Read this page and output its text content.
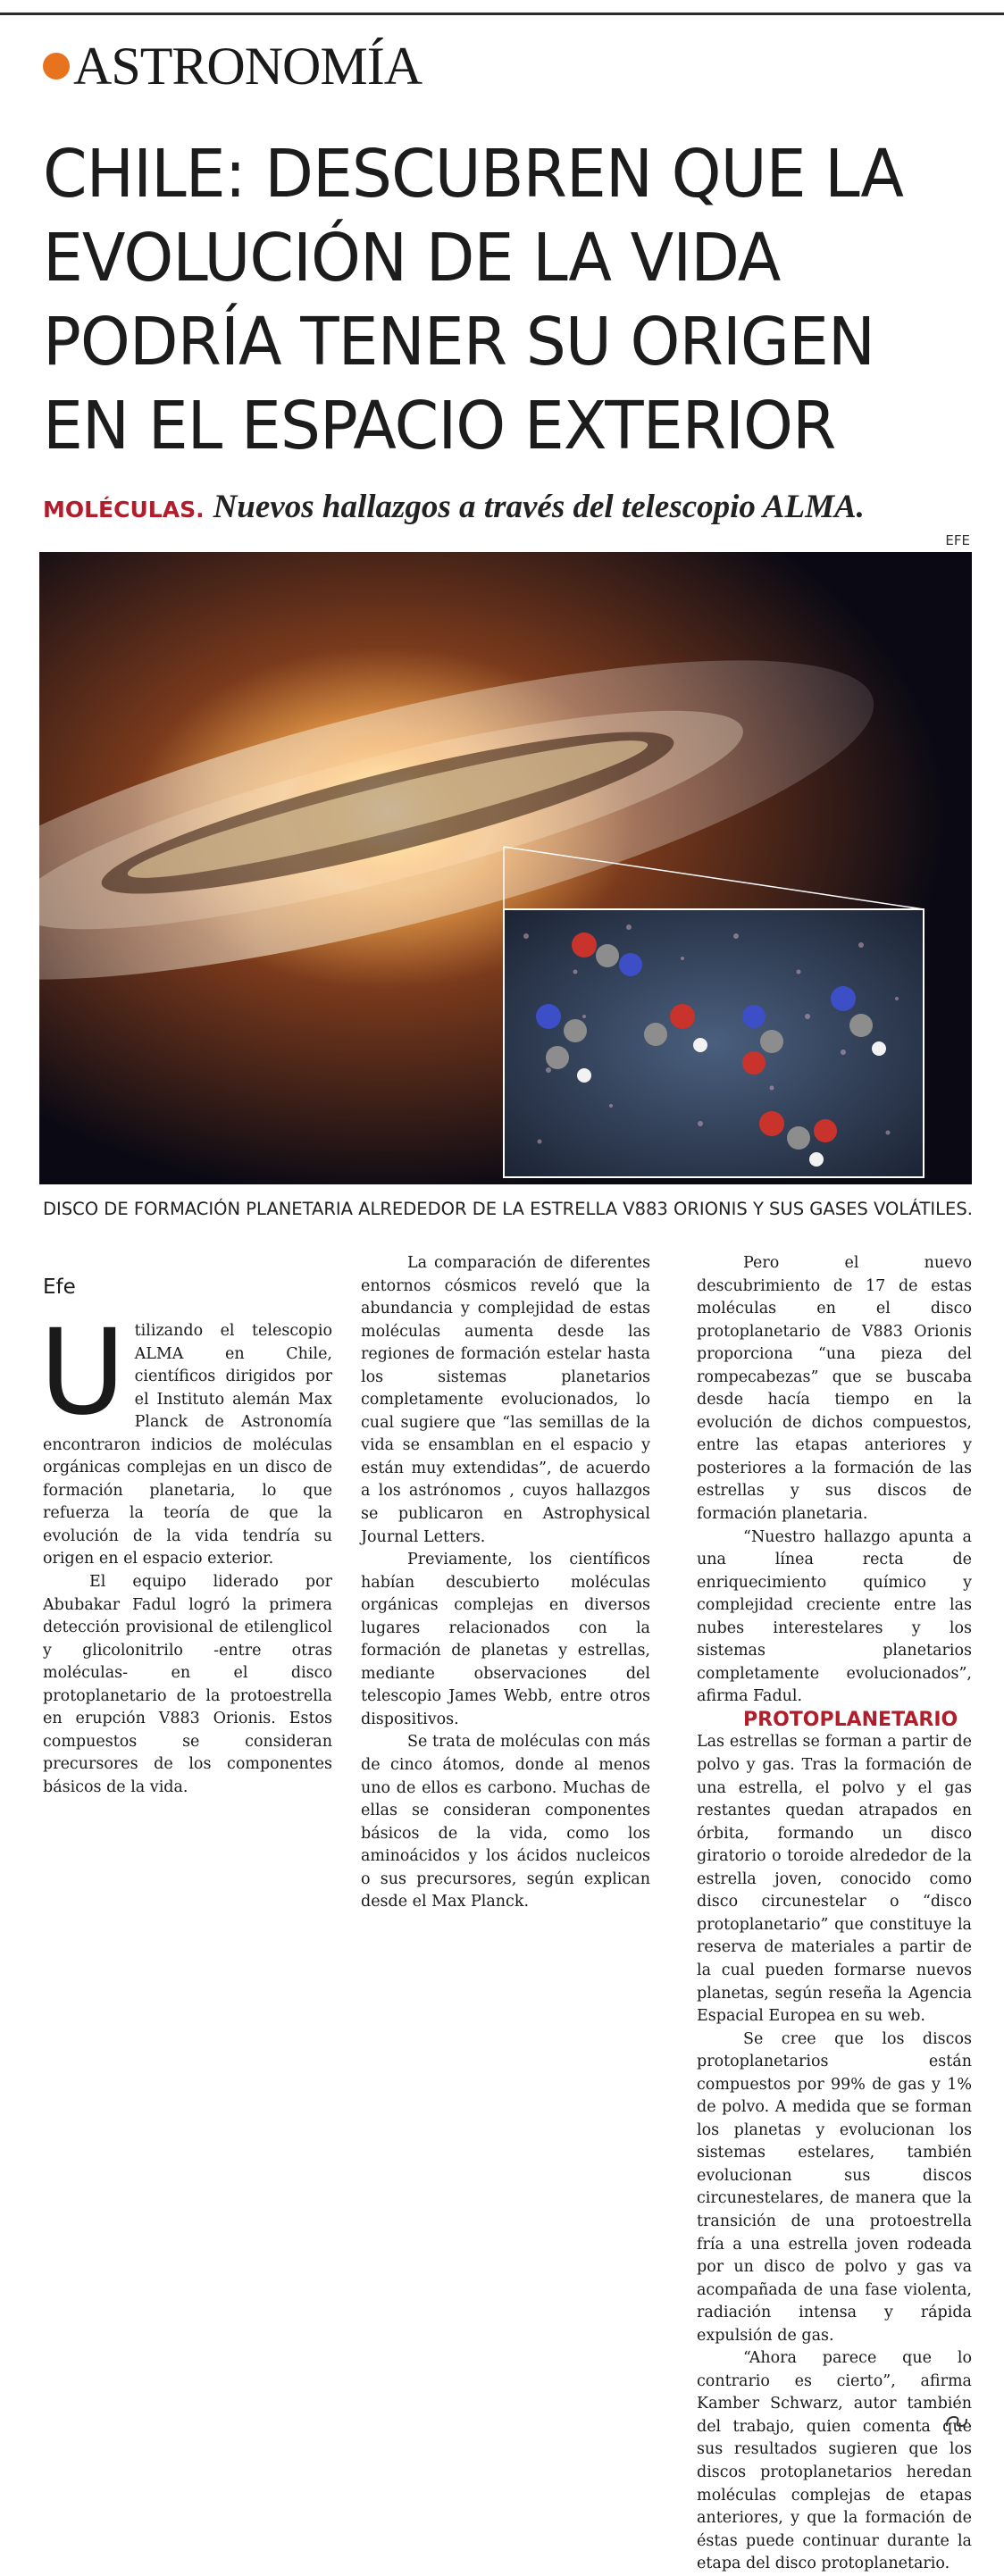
ASTRONOMÍA
CHILE: DESCUBREN QUE LA EVOLUCIÓN DE LA VIDA PODRÍA TENER SU ORIGEN EN EL ESPACIO EXTERIOR
MOLÉCULAS. Nuevos hallazgos a través del telescopio ALMA.
EFE
DISCO DE FORMACIÓN PLANETARIA ALREDEDOR DE LA ESTRELLA V883 ORIONIS Y SUS GASES VOLÁTILES.
Efe

Utilizando el telescopio ALMA en Chile, científicos dirigidos por el Instituto alemán Max Planck de Astronomía encontraron indicios de moléculas orgánicas complejas en un disco de formación planetaria, lo que refuerza la teoría de que la evolución de la vida tendría su origen en el espacio exterior.

El equipo liderado por Abubakar Fadul logró la primera detección provisional de etilenglicol y glicolonitrilo -entre otras moléculas- en el disco protoplanetario de la protoestrella en erupción V883 Orionis. Estos compuestos se consideran precursores de los componentes básicos de la vida.

La comparación de diferentes entornos cósmicos reveló que la abundancia y complejidad de estas moléculas aumenta desde las regiones de formación estelar hasta los sistemas planetarios completamente evolucionados, lo cual sugiere que “las semillas de la vida se ensamblan en el espacio y están muy extendidas”, de acuerdo a los astrónomos , cuyos hallazgos se publicaron en Astrophysical Journal Letters.

Previamente, los científicos habían descubierto moléculas orgánicas complejas en diversos lugares relacionados con la formación de planetas y estrellas, mediante observaciones del telescopio James Webb, entre otros dispositivos.

Se trata de moléculas con más de cinco átomos, donde al menos uno de ellos es carbono. Muchas de ellas se consideran componentes básicos de la vida, como los aminoácidos y los ácidos nucleicos o sus precursores, según explican desde el Max Planck.

Pero el nuevo descubrimiento de 17 de estas moléculas en el disco protoplanetario de V883 Orionis proporciona “una pieza del rompecabezas” que se buscaba desde hacía tiempo en la evolución de dichos compuestos, entre las etapas anteriores y posteriores a la formación de las estrellas y sus discos de formación planetaria.

“Nuestro hallazgo apunta a una línea recta de enriquecimiento químico y complejidad creciente entre las nubes interestelares y los sistemas planetarios completamente evolucionados”, afirma Fadul.

PROTOPLANETARIO

Las estrellas se forman a partir de polvo y gas. Tras la formación de una estrella, el polvo y el gas restantes quedan atrapados en órbita, formando un disco giratorio o toroide alrededor de la estrella joven, conocido como disco circunestelar o “disco protoplanetario” que constituye la reserva de materiales a partir de la cual pueden formarse nuevos planetas, según reseña la Agencia Espacial Europea en su web.

Se cree que los discos protoplanetarios están compuestos por 99% de gas y 1% de polvo. A medida que se forman los planetas y evolucionan los sistemas estelares, también evolucionan sus discos circunestelares, de manera que la transición de una protoestrella fría a una estrella joven rodeada por un disco de polvo y gas va acompañada de una fase violenta, radiación intensa y rápida expulsión de gas.

“Ahora parece que lo contrario es cierto”, afirma Kamber Schwarz, autor también del trabajo, quien comenta que sus resultados sugieren que los discos protoplanetarios heredan moléculas complejas de etapas anteriores, y que la formación de éstas puede continuar durante la etapa del disco protoplanetario.
